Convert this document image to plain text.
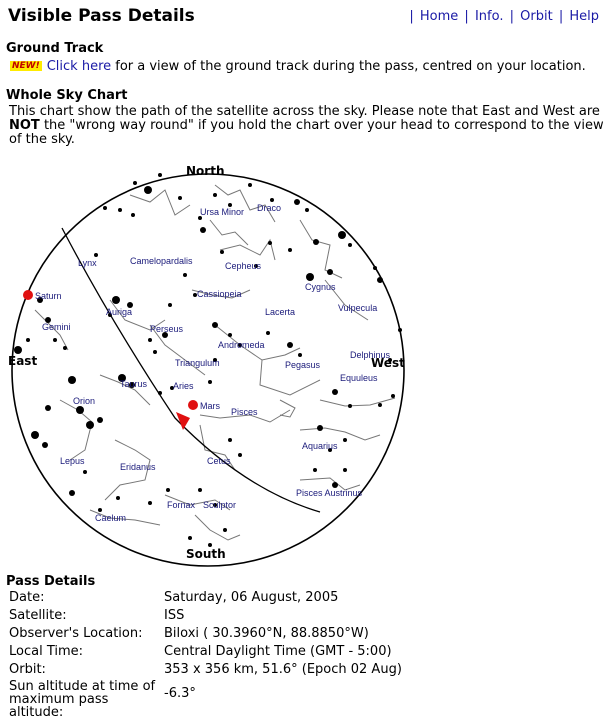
Visible Pass Details	| Home | Info. | Orbit | Help
Ground Track
NEW! Click here for a view of the ground track during the pass, centred on your location.
Whole Sky Chart
This chart show the path of the satellite across the sky. Please note that East and West are NOT the "wrong way round" if you hold the chart over your head to correspond to the view of the sky.
Ursa Minor Draco
Lynx	Camelopardalis	Cepheus
Cygnus
Auriga
Cassiopeia
Lacerta	Vulpecula
Gemini	Perseus
Andromeda
Delphinus
Triangulum	Pegasus
Equuleus
Taurus	Aries
Orion
Pisces
Aquarius
Lepus	Cetus
Eridanus
Pisces Austrinus
Fornax Sculptor
Caelum
Saturn
Mars
North
South
East	West
Pass Details
Date:	Saturday, 06 August, 2005
Satellite:	ISS
Observer's Location:	Biloxi ( 30.3960°N, 88.8850°W)
Local Time:	Central Daylight Time (GMT - 5:00)
Orbit:	353 x 356 km, 51.6° (Epoch 02 Aug)
Sun altitude at time of maximum pass altitude:	-6.3°
